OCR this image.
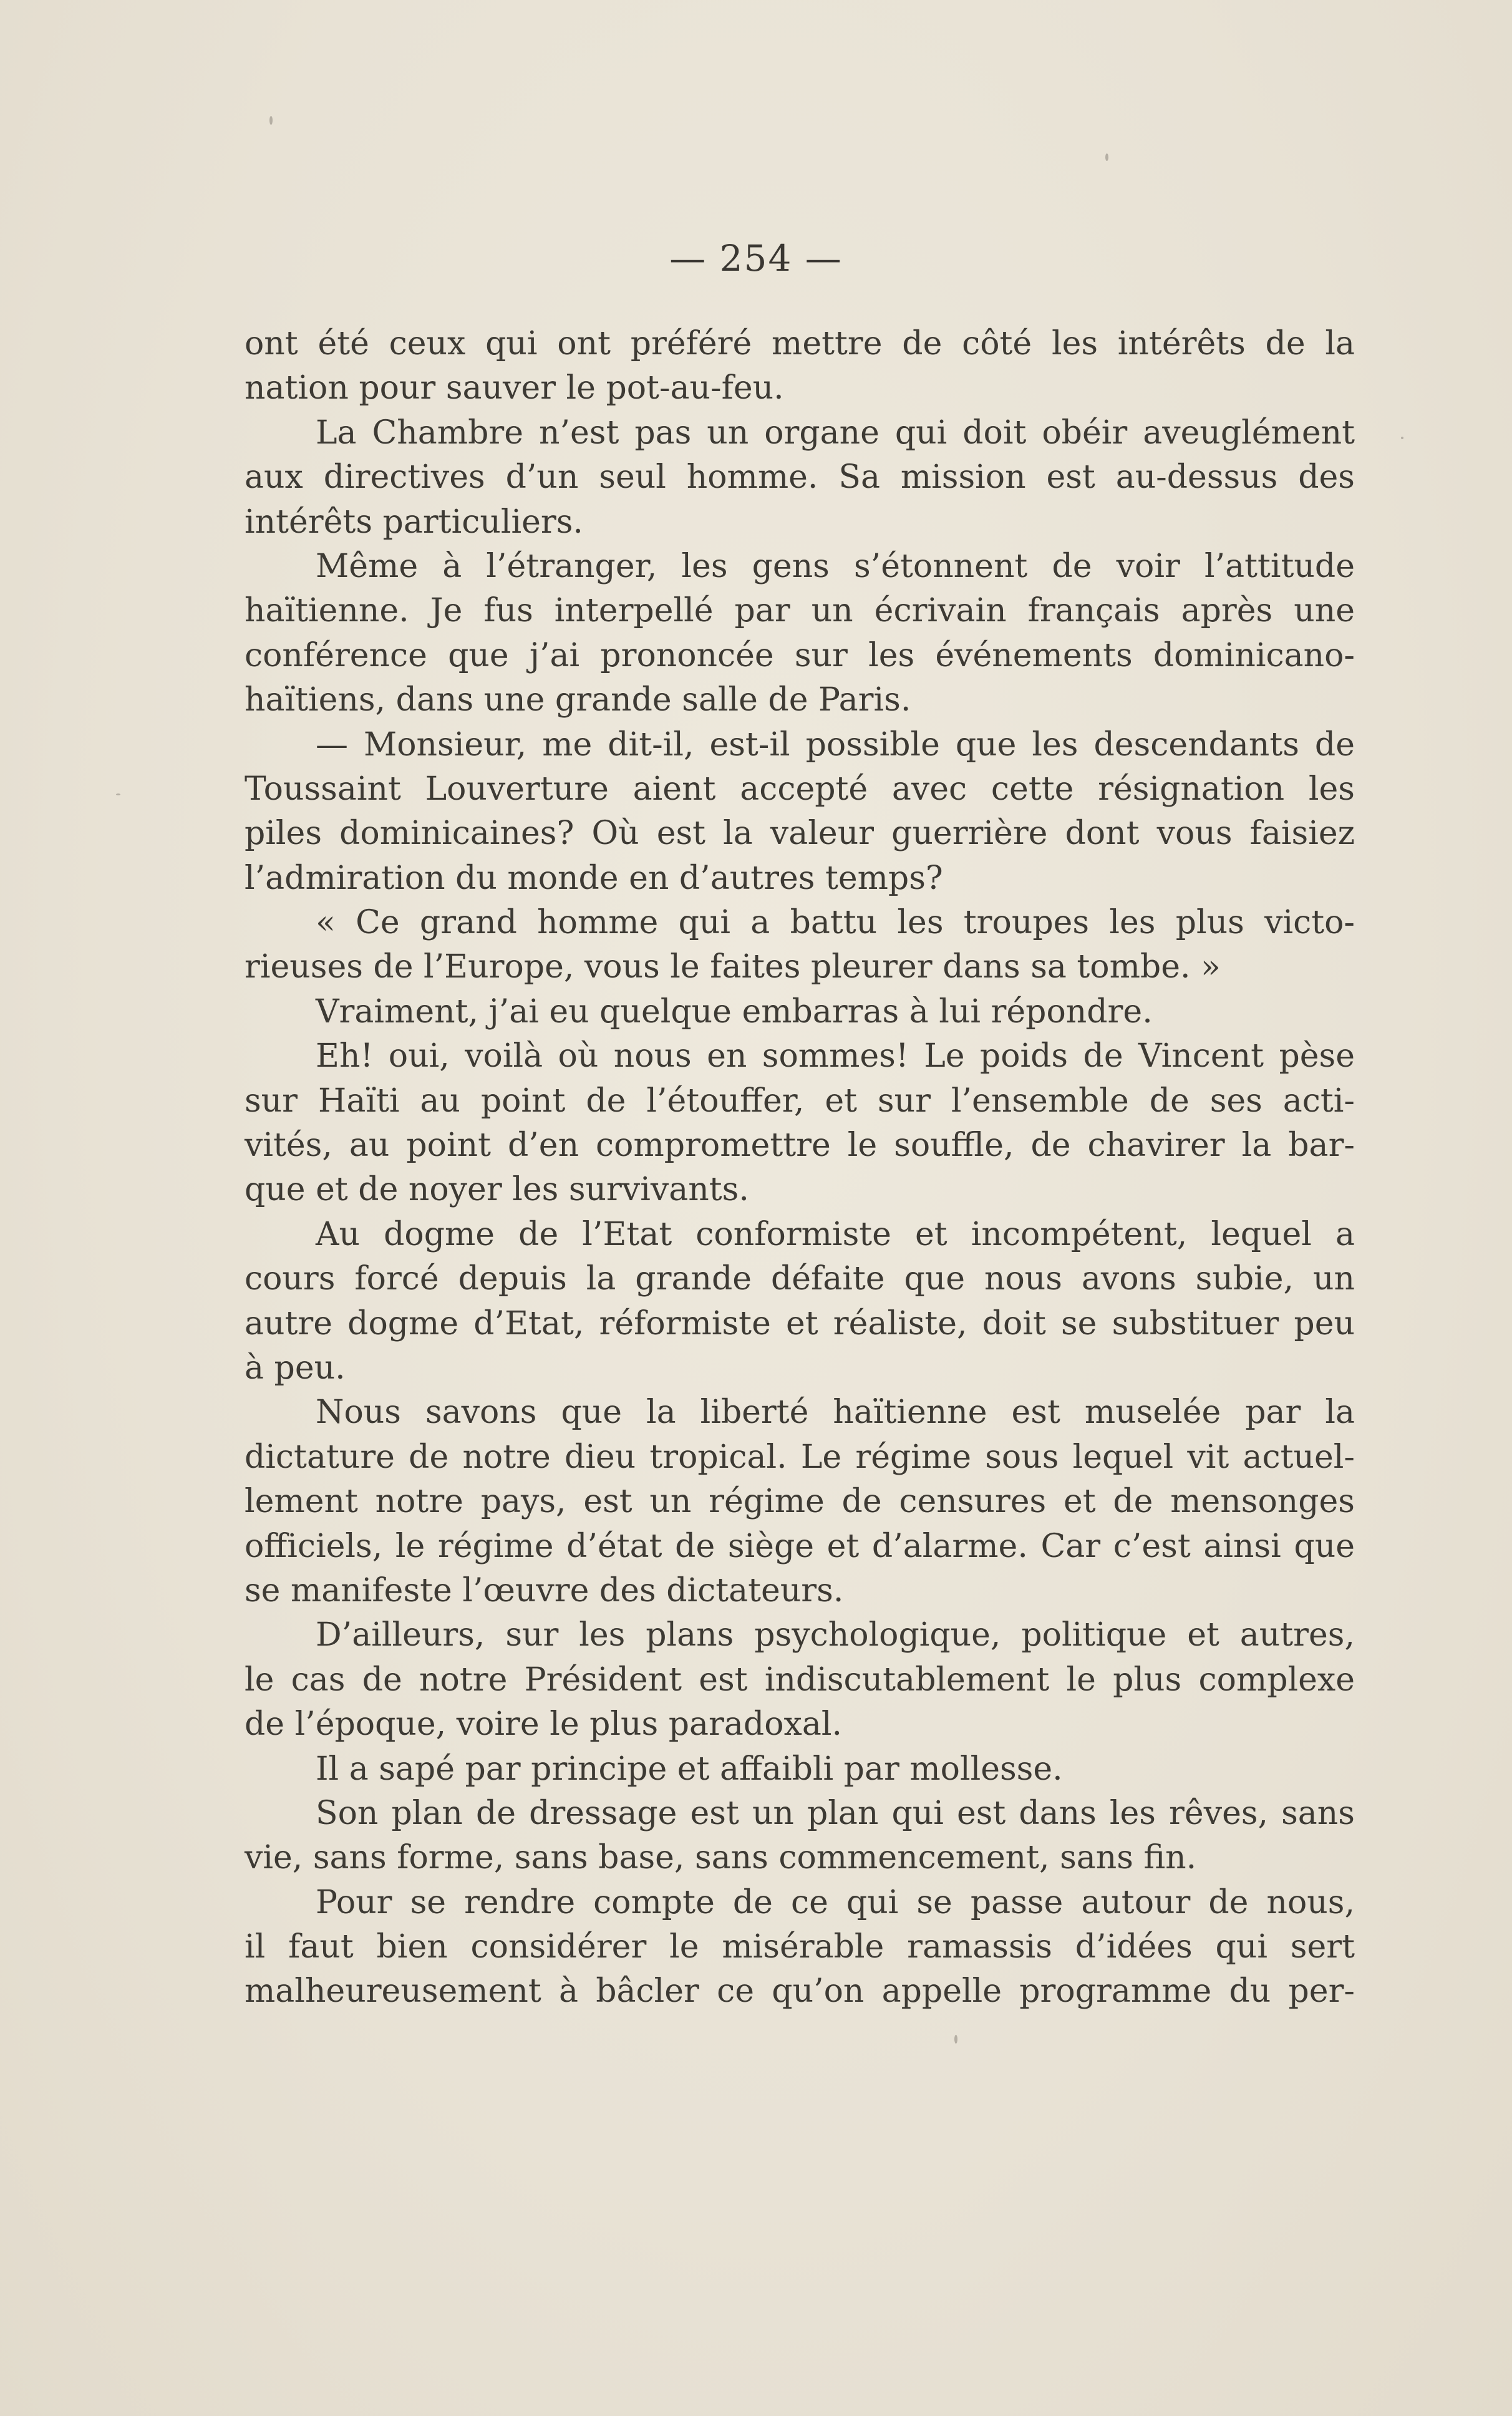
— 254 —
ont été ceux qui ont préféré mettre de côté les intérêts de la
nation pour sauver le pot-au-feu.
La Chambre n’est pas un organe qui doit obéir aveuglément
aux directives d’un seul homme. Sa mission est au-dessus des
intérêts particuliers.
Même à l’étranger, les gens s’étonnent de voir l’attitude
haïtienne. Je fus interpellé par un écrivain français après une
conférence que j’ai prononcée sur les événements dominicano-
haïtiens, dans une grande salle de Paris.
— Monsieur, me dit-il, est-il possible que les descendants de
Toussaint Louverture aient accepté avec cette résignation les
piles dominicaines? Où est la valeur guerrière dont vous faisiez
l’admiration du monde en d’autres temps?
« Ce grand homme qui a battu les troupes les plus victo-
rieuses de l’Europe, vous le faites pleurer dans sa tombe. »
Vraiment, j’ai eu quelque embarras à lui répondre.
Eh! oui, voilà où nous en sommes! Le poids de Vincent pèse
sur Haïti au point de l’étouffer, et sur l’ensemble de ses acti-
vités, au point d’en compromettre le souffle, de chavirer la bar-
que et de noyer les survivants.
Au dogme de l’Etat conformiste et incompétent, lequel a
cours forcé depuis la grande défaite que nous avons subie, un
autre dogme d’Etat, réformiste et réaliste, doit se substituer peu
à peu.
Nous savons que la liberté haïtienne est muselée par la
dictature de notre dieu tropical. Le régime sous lequel vit actuel-
lement notre pays, est un régime de censures et de mensonges
officiels, le régime d’état de siège et d’alarme. Car c’est ainsi que
se manifeste l’œuvre des dictateurs.
D’ailleurs, sur les plans psychologique, politique et autres,
le cas de notre Président est indiscutablement le plus complexe
de l’époque, voire le plus paradoxal.
Il a sapé par principe et affaibli par mollesse.
Son plan de dressage est un plan qui est dans les rêves, sans
vie, sans forme, sans base, sans commencement, sans fin.
Pour se rendre compte de ce qui se passe autour de nous,
il faut bien considérer le misérable ramassis d’idées qui sert
malheureusement à bâcler ce qu’on appelle programme du per-
